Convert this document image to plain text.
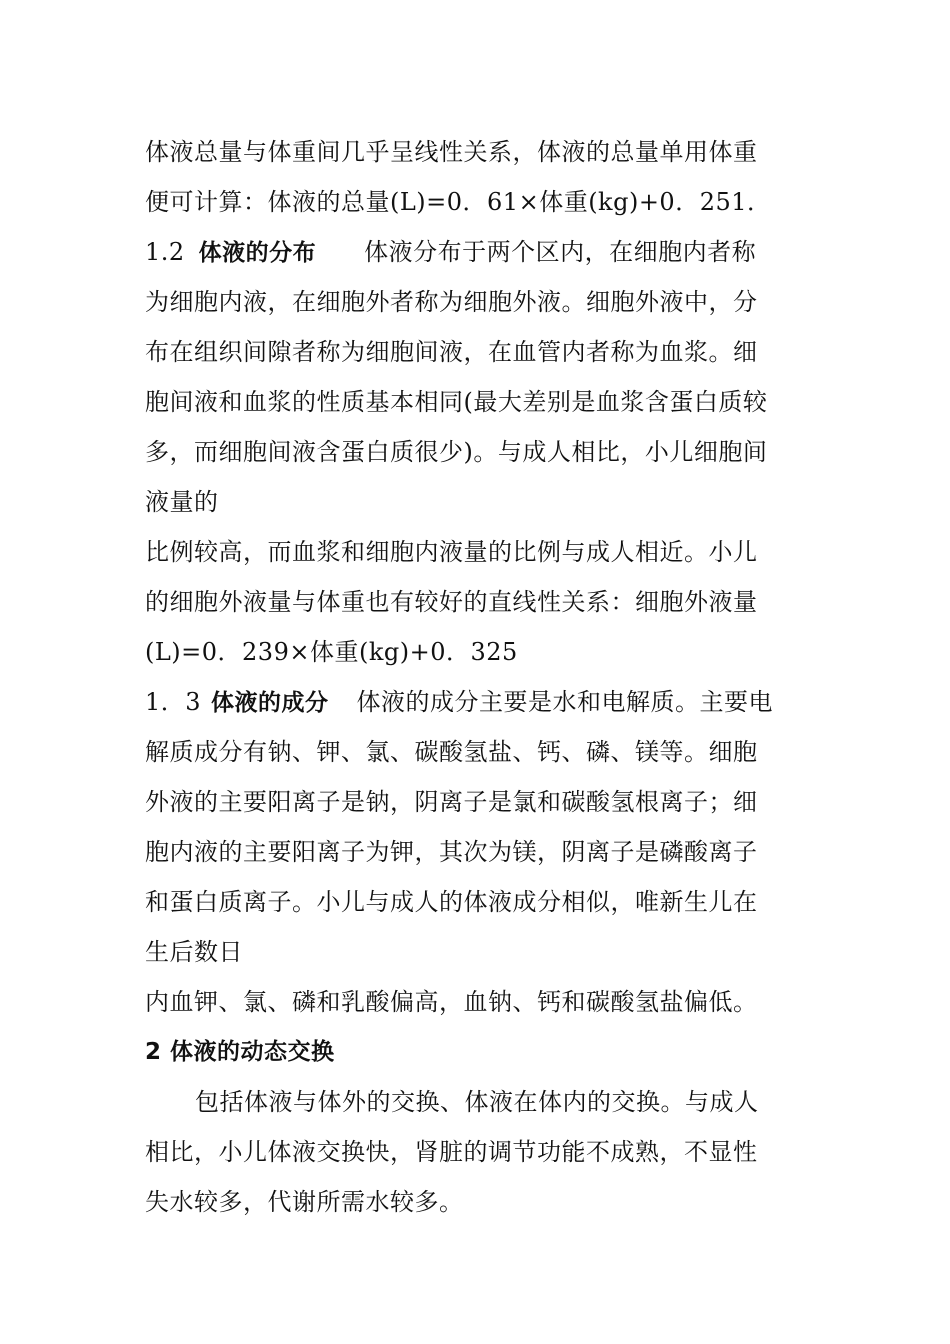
体液总量与体重间几乎呈线性关系，体液的总量单用体重
便可计算：体液的总量(L)=0．61×体重(kg)+0．251．
1.2 体液的分布 体液分布于两个区内，在细胞内者称
为细胞内液，在细胞外者称为细胞外液。细胞外液中，分
布在组织间隙者称为细胞间液，在血管内者称为血浆。细
胞间液和血浆的性质基本相同(最大差别是血浆含蛋白质较
多，而细胞间液含蛋白质很少)。与成人相比，小儿细胞间
液量的
比例较高，而血浆和细胞内液量的比例与成人相近。小儿
的细胞外液量与体重也有较好的直线性关系：细胞外液量
(L)=0．239×体重(kg)+0．325
1．3 体液的成分 体液的成分主要是水和电解质。主要电
解质成分有钠、钾、氯、碳酸氢盐、钙、磷、镁等。细胞
外液的主要阳离子是钠，阴离子是氯和碳酸氢根离子；细
胞内液的主要阳离子为钾，其次为镁，阴离子是磷酸离子
和蛋白质离子。小儿与成人的体液成分相似，唯新生儿在
生后数日
内血钾、氯、磷和乳酸偏高，血钠、钙和碳酸氢盐偏低。
2 体液的动态交换
包括体液与体外的交换、体液在体内的交换。与成人
相比，小儿体液交换快，肾脏的调节功能不成熟，不显性
失水较多，代谢所需水较多。
